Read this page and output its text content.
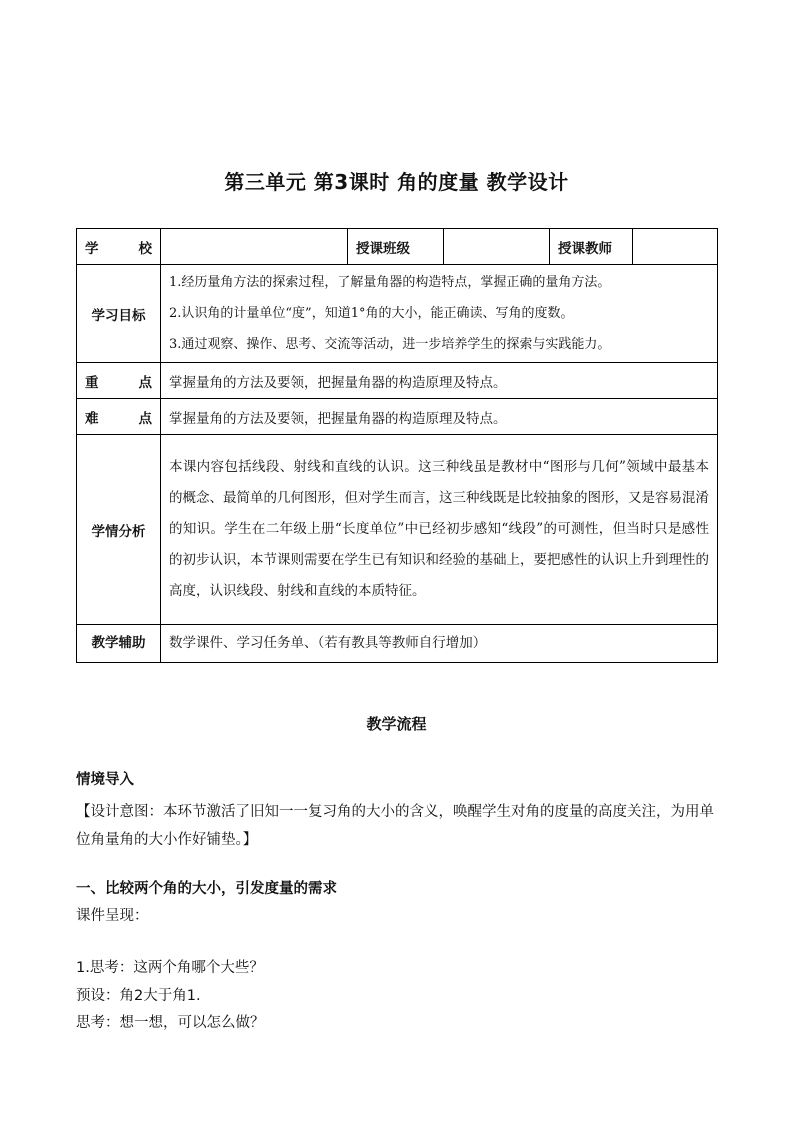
第三单元 第3课时 角的度量 教学设计
学　校		授课班级		授课教师	
学习目标	1.经历量角方法的探索过程，了解量角器的构造特点，掌握正确的量角方法。
2.认识角的计量单位“度”，知道1°角的大小，能正确读、写角的度数。
3.通过观察、操作、思考、交流等活动，进一步培养学生的探索与实践能力。				

重　点	掌握量角的方法及要领，把握量角器的构造原理及特点。				
难　点	掌握量角的方法及要领，把握量角器的构造原理及特点。				
学情分析	本课内容包括线段、射线和直线的认识。这三种线虽是教材中“图形与几何”领域中最基本的概念、最简单的几何图形，但对学生而言，这三种线既是比较抽象的图形，又是容易混淆的知识。学生在二年级上册“长度单位”中已经初步感知“线段”的可测性，但当时只是感性的初步认识，本节课则需要在学生已有知识和经验的基础上，要把感性的认识上升到理性的高度，认识线段、射线和直线的本质特征。				

教学辅助	数学课件、学习任务单、（若有教具等教师自行增加）				
教学流程
情境导入
【设计意图：本环节激活了旧知一一复习角的大小的含义，唤醒学生对角的度量的高度关注，为用单位角量角的大小作好铺垫。】
一、比较两个角的大小，引发度量的需求
课件呈现：
1.思考：这两个角哪个大些？
预设：角2大于角1.
思考：想一想，可以怎么做？
